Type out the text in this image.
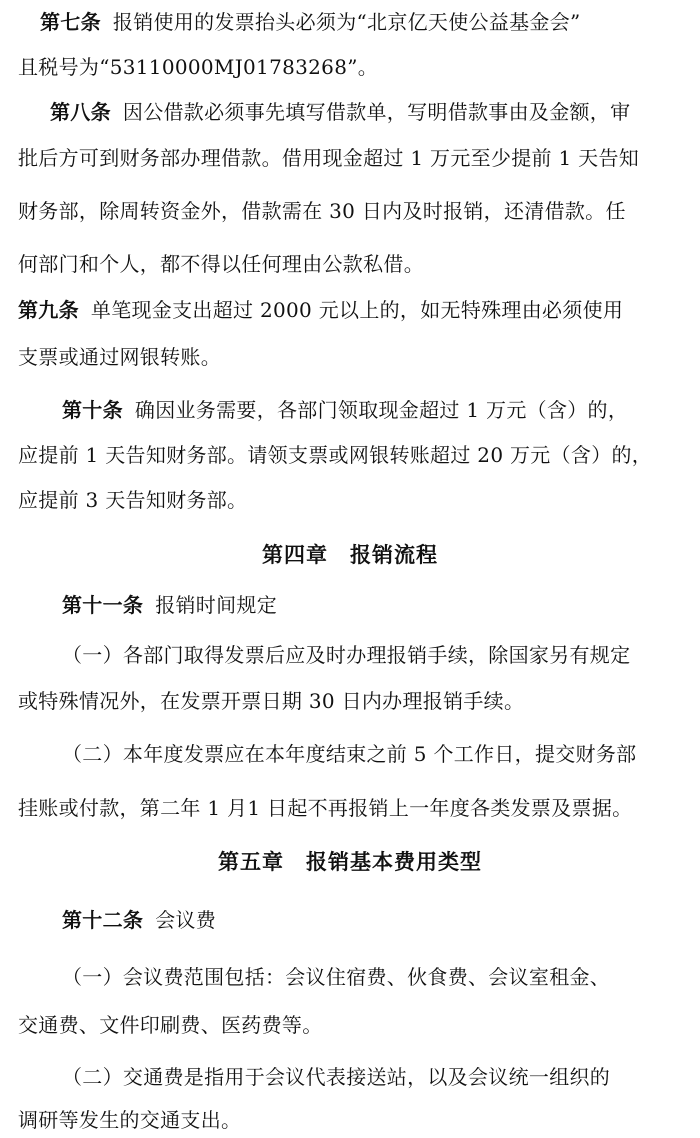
第七条 报销使用的发票抬头必须为“北京亿天使公益基金会”
且税号为“53110000MJ01783268”。
第八条 因公借款必须事先填写借款单，写明借款事由及金额，审
批后方可到财务部办理借款。借用现金超过 1 万元至少提前 1 天告知
财务部，除周转资金外，借款需在 30 日内及时报销，还清借款。任
何部门和个人，都不得以任何理由公款私借。
第九条 单笔现金支出超过 2000 元以上的，如无特殊理由必须使用
支票或通过网银转账。
第十条 确因业务需要，各部门领取现金超过 1 万元（含）的，
应提前 1 天告知财务部。请领支票或网银转账超过 20 万元（含）的，
应提前 3 天告知财务部。
第四章 报销流程
第十一条 报销时间规定
（一）各部门取得发票后应及时办理报销手续，除国家另有规定
或特殊情况外，在发票开票日期 30 日内办理报销手续。
（二）本年度发票应在本年度结束之前 5 个工作日，提交财务部
挂账或付款，第二年 1 月1 日起不再报销上一年度各类发票及票据。
第五章 报销基本费用类型
第十二条 会议费
（一）会议费范围包括：会议住宿费、伙食费、会议室租金、
交通费、文件印刷费、医药费等。
（二）交通费是指用于会议代表接送站，以及会议统一组织的
调研等发生的交通支出。
